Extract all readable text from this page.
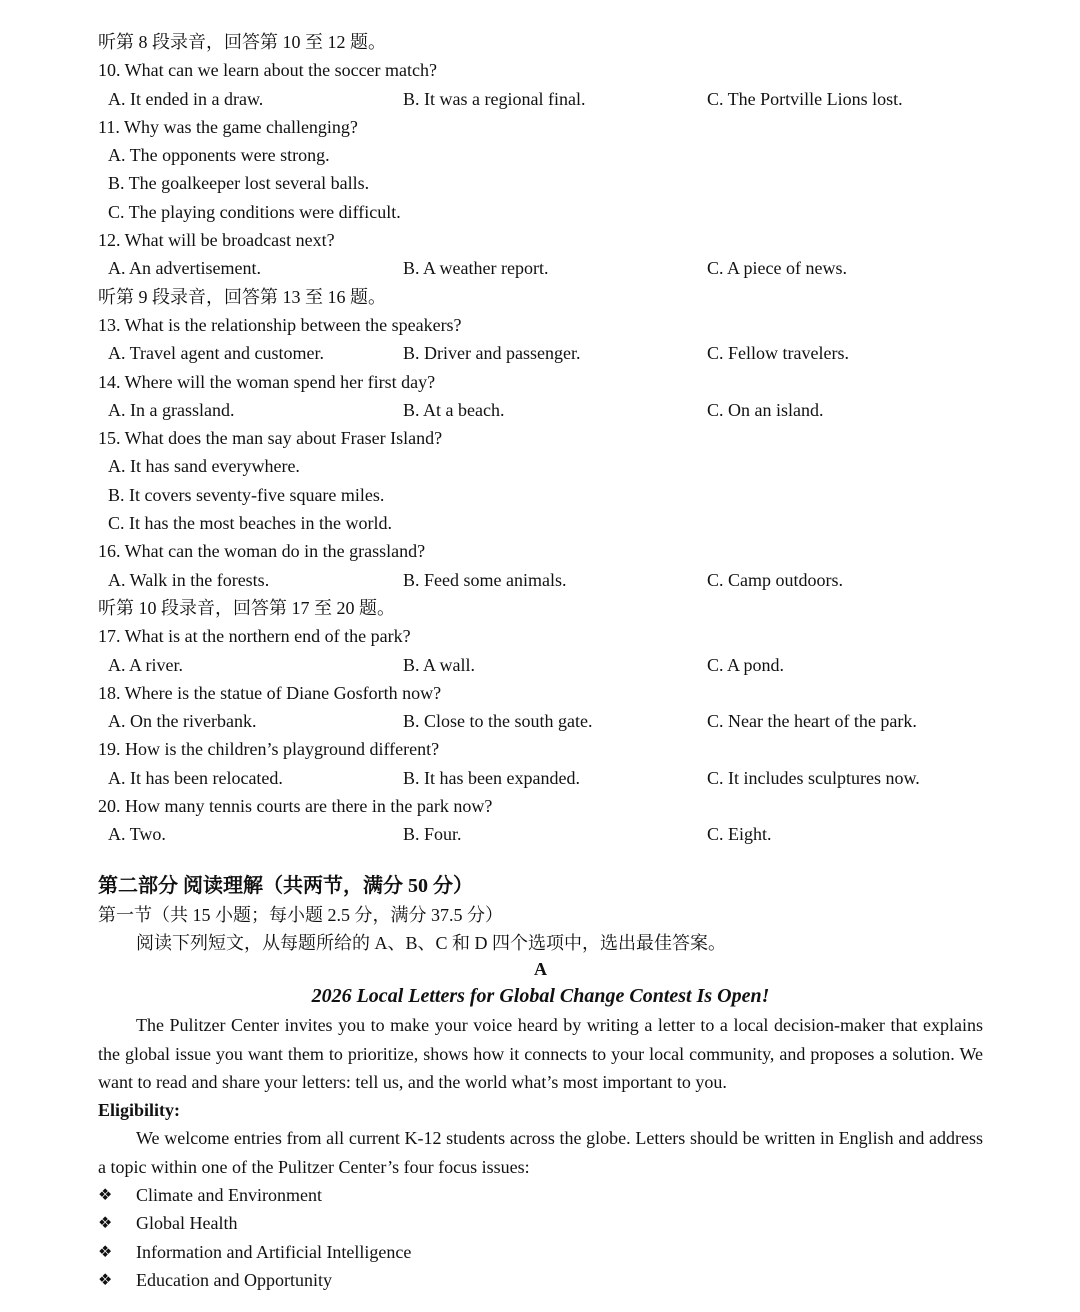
听第 8 段录音，回答第 10 至 12 题。
10. What can we learn about the soccer match?
A. It ended in a draw.	B. It was a regional final.	C. The Portville Lions lost.
11. Why was the game challenging?
A. The opponents were strong.
B. The goalkeeper lost several balls.
C. The playing conditions were difficult.
12. What will be broadcast next?
A. An advertisement.	B. A weather report.	C. A piece of news.
听第 9 段录音，回答第 13 至 16 题。
13. What is the relationship between the speakers?
A. Travel agent and customer.	B. Driver and passenger.	C. Fellow travelers.
14. Where will the woman spend her first day?
A. In a grassland.	B. At a beach.	C. On an island.
15. What does the man say about Fraser Island?
A. It has sand everywhere.
B. It covers seventy-five square miles.
C. It has the most beaches in the world.
16. What can the woman do in the grassland?
A. Walk in the forests.	B. Feed some animals.	C. Camp outdoors.
听第 10 段录音，回答第 17 至 20 题。
17. What is at the northern end of the park?
A. A river.	B. A wall.	C. A pond.
18. Where is the statue of Diane Gosforth now?
A. On the riverbank.	B. Close to the south gate.	C. Near the heart of the park.
19. How is the children’s playground different?
A. It has been relocated.	B. It has been expanded.	C. It includes sculptures now.
20. How many tennis courts are there in the park now?
A. Two.	B. Four.	C. Eight.
第二部分 阅读理解（共两节，满分 50 分）
第一节（共 15 小题；每小题 2.5 分，满分 37.5 分）
阅读下列短文，从每题所给的 A、B、C 和 D 四个选项中，选出最佳答案。
A
2026 Local Letters for Global Change Contest Is Open!

The Pulitzer Center invites you to make your voice heard by writing a letter to a local decision-maker that explains the global issue you want them to prioritize, shows how it connects to your local community, and proposes a solution. We want to read and share your letters: tell us, and the world what’s most important to you.

Eligibility:

We welcome entries from all current K-12 students across the globe. Letters should be written in English and address a topic within one of the Pulitzer Center’s four focus issues:

❖ Climate and Environment
❖ Global Health
❖ Information and Artificial Intelligence
❖ Education and Opportunity
